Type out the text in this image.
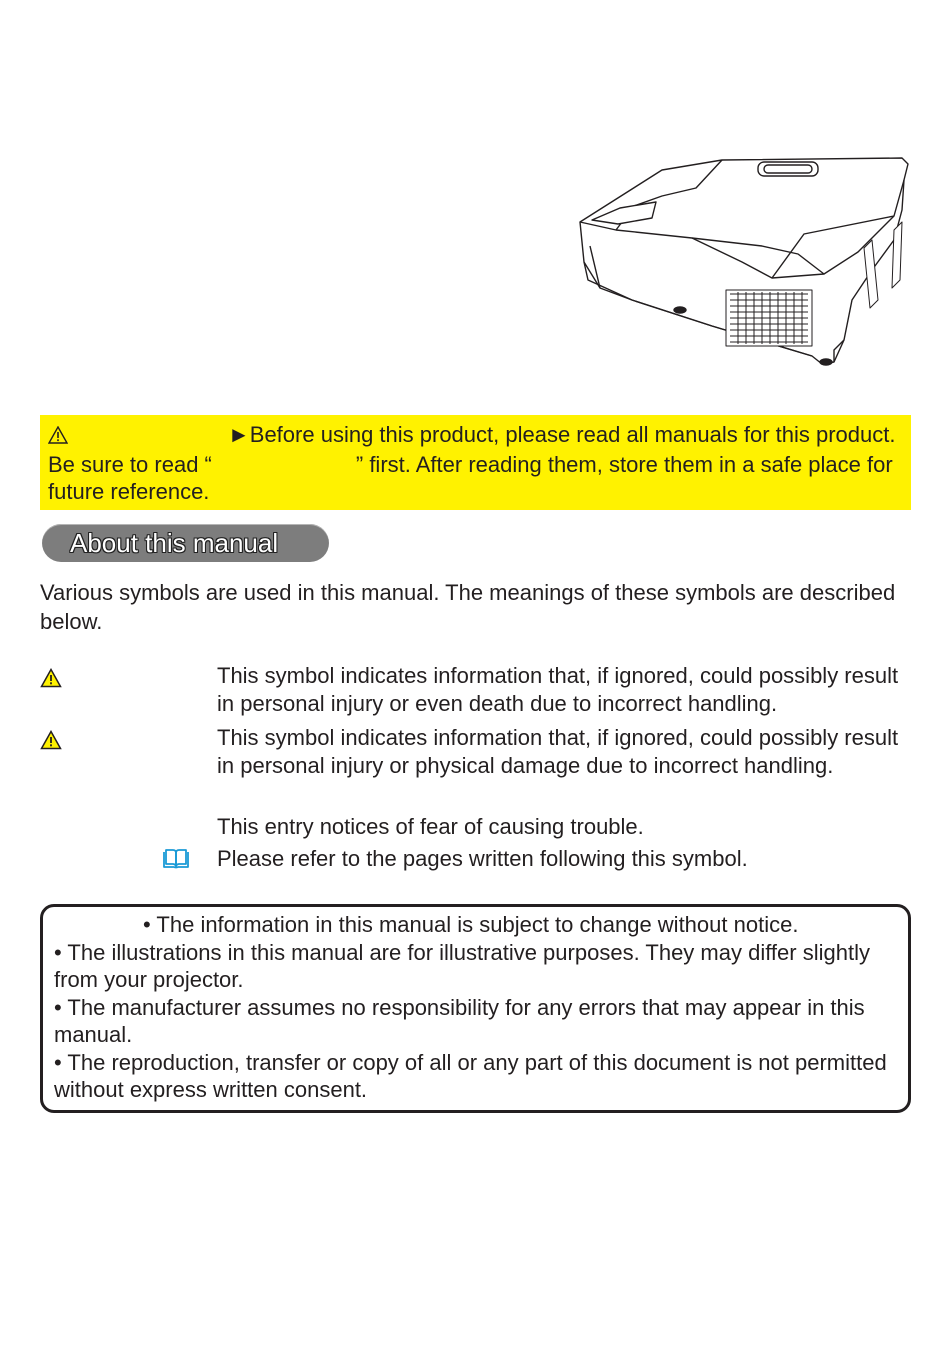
►Before using this product, please read all manuals for this product. Be sure to read “	” first. After reading them, store them in a safe place for future reference.
About this manual

Various symbols are used in this manual. The meanings of these symbols are described below.

This symbol indicates information that, if ignored, could possibly result in personal injury or even death due to incorrect handling.
This symbol indicates information that, if ignored, could possibly result in personal injury or physical damage due to incorrect handling.
This entry notices of fear of causing trouble.
Please refer to the pages written following this symbol.

• The information in this manual is subject to change without notice.

• The illustrations in this manual are for illustrative purposes. They may differ slightly from your projector.

• The manufacturer assumes no responsibility for any errors that may appear in this manual.

• The reproduction, transfer or copy of all or any part of this document is not permitted without express written consent.
